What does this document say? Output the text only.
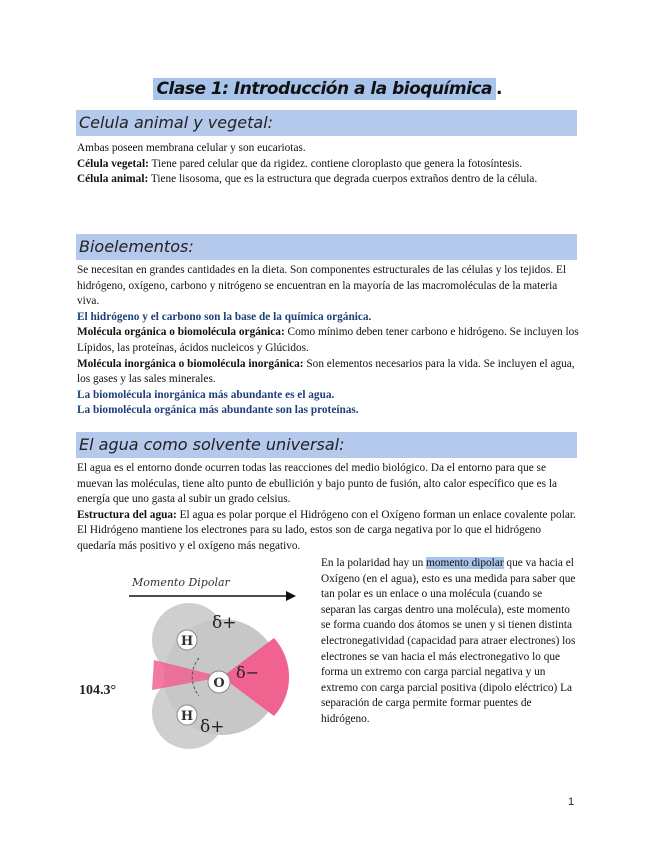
Clase 1: Introducción a la bioquímica .
Celula animal y vegetal:

Ambas poseen membrana celular y son eucariotas.

Célula vegetal: Tiene pared celular que da rigidez. contiene cloroplasto que genera la fotosíntesis.

Célula animal: Tiene lisosoma, que es la estructura que degrada cuerpos extraños dentro de la célula.

Bioelementos:

Se necesitan en grandes cantidades en la dieta. Son componentes estructurales de las células y los tejidos. El hidrógeno, oxígeno, carbono y nitrógeno se encuentran en la mayoría de las macromoléculas de la materia viva.

El hidrógeno y el carbono son la base de la química orgánica.

Molécula orgánica o biomolécula orgánica: Como mínimo deben tener carbono e hidrógeno. Se incluyen los Lípidos, las proteínas, ácidos nucleicos y Glúcidos.

Molécula inorgánica o biomolécula inorgánica: Son elementos necesarios para la vida. Se incluyen el agua, los gases y las sales minerales.

La biomolécula inorgánica más abundante es el agua.

La biomolécula orgánica más abundante son las proteínas.

El agua como solvente universal:

El agua es el entorno donde ocurren todas las reacciones del medio biológico. Da el entorno para que se muevan las moléculas, tiene alto punto de ebullición y bajo punto de fusión, alto calor específico que es la energía que uno gasta al subir un grado celsius.

Estructura del agua: El agua es polar porque el Hidrógeno con el Oxígeno forman un enlace covalente polar. El Hidrógeno mantiene los electrones para su lado, estos son de carga negativa por lo que el hidrógeno quedaría más positivo y el oxígeno más negativo.

En la polaridad hay un momento dipolar que va hacia el Oxígeno (en el agua), esto es una medida para saber que tan polar es un enlace o una molécula (cuando se separan las cargas dentro una molécula), este momento se forma cuando dos átomos se unen y si tienen distinta electronegatividad (capacidad para atraer electrones) los electrones se van hacia el más electronegativo lo que forma un extremo con carga parcial negativa y un extremo con carga parcial positiva (dipolo eléctrico) La separación de carga permite formar puentes de hidrógeno.
Momento Dipolar
H
δ+
O
δ−
H
δ+
104.3°
1
